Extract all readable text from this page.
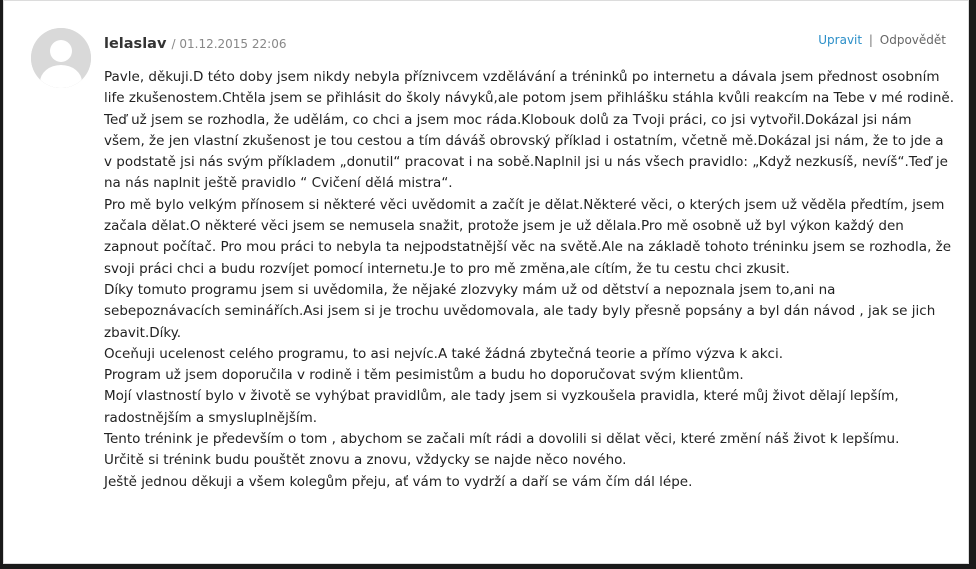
lelaslav / 01.12.2015 22:06	Upravit | Odpovědět

Pavle, děkuji.D této doby jsem nikdy nebyla příznivcem vzdělávání a tréninků po internetu a dávala jsem přednost osobním life zkušenostem.Chtěla jsem se přihlásit do školy návyků,ale potom jsem přihlášku stáhla kvůli reakcím na Tebe v mé rodině.

Teď už jsem se rozhodla, že udělám, co chci a jsem moc ráda.Klobouk dolů za Tvoji práci, co jsi vytvořil.Dokázal jsi nám všem, že jen vlastní zkušenost je tou cestou a tím dáváš obrovský příklad i ostatním, včetně mě.Dokázal jsi nám, že to jde a v podstatě jsi nás svým příkladem „donutil“ pracovat i na sobě.Naplnil jsi u nás všech pravidlo: „Když nezkusíš, nevíš“.Teď je na nás naplnit ještě pravidlo “ Cvičení dělá mistra“.

Pro mě bylo velkým přínosem si některé věci uvědomit a začít je dělat.Některé věci, o kterých jsem už věděla předtím, jsem začala dělat.O některé věci jsem se nemusela snažit, protože jsem je už dělala.Pro mě osobně už byl výkon každý den zapnout počítač. Pro mou práci to nebyla ta nejpodstatnější věc na světě.Ale na základě tohoto tréninku jsem se rozhodla, že svoji práci chci a budu rozvíjet pomocí internetu.Je to pro mě změna,ale cítím, že tu cestu chci zkusit.

Díky tomuto programu jsem si uvědomila, že nějaké zlozvyky mám už od dětství a nepoznala jsem to,ani na sebepoznávacích seminářích.Asi jsem si je trochu uvědomovala, ale tady byly přesně popsány a byl dán návod , jak se jich zbavit.Díky.

Oceňuji ucelenost celého programu, to asi nejvíc.A také žádná zbytečná teorie a přímo výzva k akci.

Program už jsem doporučila v rodině i těm pesimistům a budu ho doporučovat svým klientům.

Mojí vlastností bylo v životě se vyhýbat pravidlům, ale tady jsem si vyzkoušela pravidla, které můj život dělají lepším, radostnějším a smysluplnějším.

Tento trénink je především o tom , abychom se začali mít rádi a dovolili si dělat věci, které změní náš život k lepšímu.

Určitě si trénink budu pouštět znovu a znovu, vždycky se najde něco nového.

Ještě jednou děkuji a všem kolegům přeju, ať vám to vydrží a daří se vám čím dál lépe.
